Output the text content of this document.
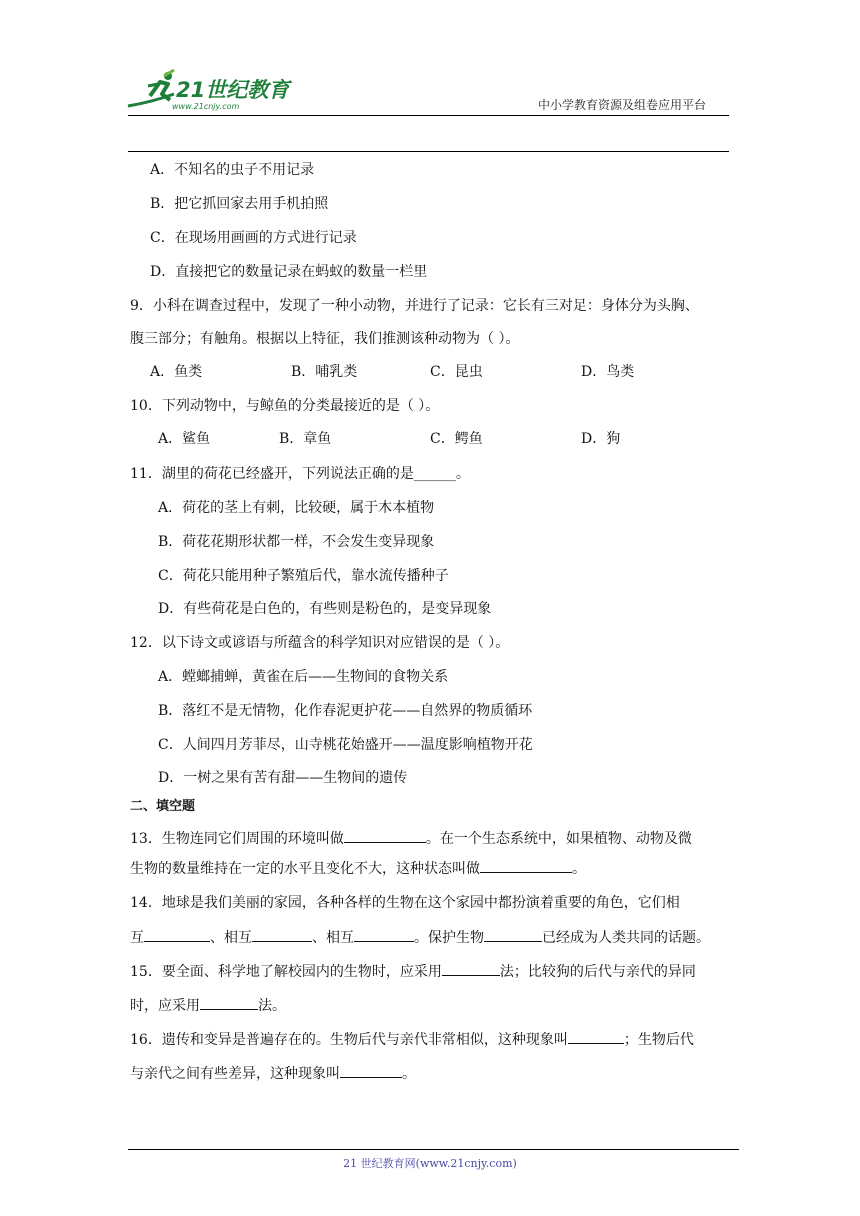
21世纪教育
www.21cnjy.com	中小学教育资源及组卷应用平台
A．不知名的虫子不用记录
B．把它抓回家去用手机拍照
C．在现场用画画的方式进行记录
D．直接把它的数量记录在蚂蚁的数量一栏里
9．小科在调查过程中，发现了一种小动物，并进行了记录：它长有三对足：身体分为头胸、
腹三部分；有触角。根据以上特征，我们推测该种动物为（ ）。
A．鱼类	B．哺乳类	C．昆虫	D．鸟类
10．下列动物中，与鲸鱼的分类最接近的是（ ）。
A．鲨鱼	B．章鱼	C．鳄鱼	D．狗
11．湖里的荷花已经盛开，下列说法正确的是______。
A．荷花的茎上有刺，比较硬，属于木本植物
B．荷花花期形状都一样，不会发生变异现象
C．荷花只能用种子繁殖后代，靠水流传播种子
D．有些荷花是白色的，有些则是粉色的，是变异现象
12．以下诗文或谚语与所蕴含的科学知识对应错误的是（ ）。
A．螳螂捕蝉，黄雀在后——生物间的食物关系
B．落红不是无情物，化作春泥更护花——自然界的物质循环
C．人间四月芳菲尽，山寺桃花始盛开——温度影响植物开花
D．一树之果有苦有甜——生物间的遗传
二、填空题
13．生物连同它们周围的环境叫做	。在一个生态系统中，如果植物、动物及微
生物的数量维持在一定的水平且变化不大，这种状态叫做	。
14．地球是我们美丽的家园，各种各样的生物在这个家园中都扮演着重要的角色，它们相
互	、相互	、相互	。保护生物	已经成为人类共同的话题。
15．要全面、科学地了解校园内的生物时，应采用	法；比较狗的后代与亲代的异同
时，应采用	法。
16．遗传和变异是普遍存在的。生物后代与亲代非常相似，这种现象叫	；生物后代
与亲代之间有些差异，这种现象叫	。
21 世纪教育网(www.21cnjy.com)
